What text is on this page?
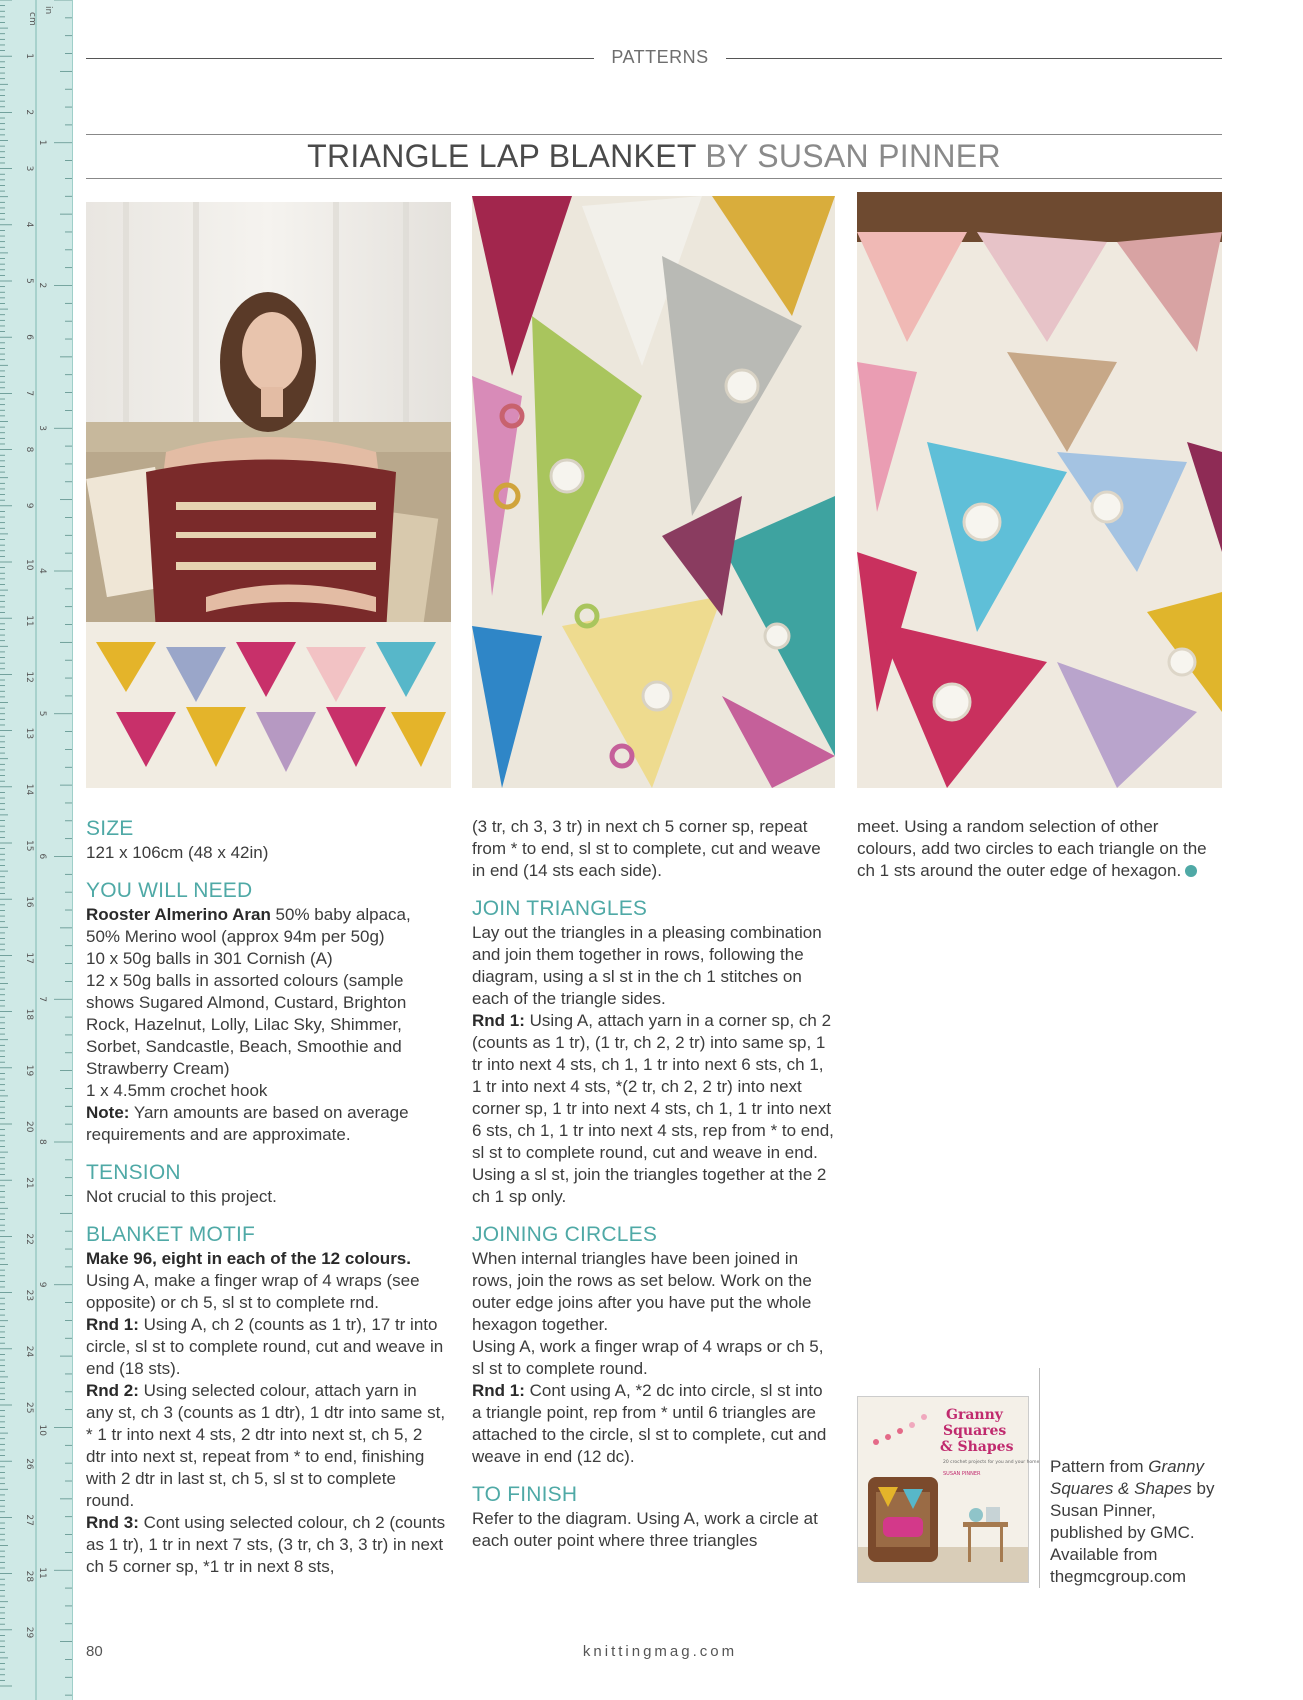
cm
in
1
2
3
4
5
6
7
8
9
10
11
12
13
14
15
16
17
18
19
20
21
22
23
24
25
26
27
28
29
1
2
3
4
5
6
7
8
9
10
11
PATTERNS
TRIANGLE LAP BLANKET BY SUSAN PINNER
SIZE

121 x 106cm (48 x 42in)

YOU WILL NEED

Rooster Almerino Aran 50% baby alpaca, 50% Merino wool (approx 94m per 50g)

10 x 50g balls in 301 Cornish (A)

12 x 50g balls in assorted colours (sample shows Sugared Almond, Custard, Brighton Rock, Hazelnut, Lolly, Lilac Sky, Shimmer, Sorbet, Sandcastle, Beach, Smoothie and Strawberry Cream)

1 x 4.5mm crochet hook

Note: Yarn amounts are based on average requirements and are approximate.

TENSION

Not crucial to this project.

BLANKET MOTIF

Make 96, eight in each of the 12 colours.

Using A, make a finger wrap of 4 wraps (see opposite) or ch 5, sl st to complete rnd.

Rnd 1: Using A, ch 2 (counts as 1 tr), 17 tr into circle, sl st to complete round, cut and weave in end (18 sts).

Rnd 2: Using selected colour, attach yarn in any st, ch 3 (counts as 1 dtr), 1 dtr into same st, * 1 tr into next 4 sts, 2 dtr into next st, ch 5, 2 dtr into next st, repeat from * to end, finishing with 2 dtr in last st, ch 5, sl st to complete round.

Rnd 3: Cont using selected colour, ch 2 (counts as 1 tr), 1 tr in next 7 sts, (3 tr, ch 3, 3 tr) in next ch 5 corner sp, *1 tr in next 8 sts,

(3 tr, ch 3, 3 tr) in next ch 5 corner sp, repeat from * to end, sl st to complete, cut and weave in end (14 sts each side).

JOIN TRIANGLES

Lay out the triangles in a pleasing combination and join them together in rows, following the diagram, using a sl st in the ch 1 stitches on each of the triangle sides.

Rnd 1: Using A, attach yarn in a corner sp, ch 2 (counts as 1 tr), (1 tr, ch 2, 2 tr) into same sp, 1 tr into next 4 sts, ch 1, 1 tr into next 6 sts, ch 1, 1 tr into next 4 sts, *(2 tr, ch 2, 2 tr) into next corner sp, 1 tr into next 4 sts, ch 1, 1 tr into next 6 sts, ch 1, 1 tr into next 4 sts, rep from * to end, sl st to complete round, cut and weave in end.

Using a sl st, join the triangles together at the 2 ch 1 sp only.

JOINING CIRCLES

When internal triangles have been joined in rows, join the rows as set below. Work on the outer edge joins after you have put the whole hexagon together.

Using A, work a finger wrap of 4 wraps or ch 5, sl st to complete round.

Rnd 1: Cont using A, *2 dc into circle, sl st into a triangle point, rep from * until 6 triangles are attached to the circle, sl st to complete, cut and weave in end (12 dc).

TO FINISH

Refer to the diagram. Using A, work a circle at each outer point where three triangles

meet. Using a random selection of other colours, add two circles to each triangle on the ch 1 sts around the outer edge of hexagon.

Granny
Squares
& Shapes
20 crochet projects for you and your home
SUSAN PINNER	Pattern from Granny Squares & Shapes by Susan Pinner, published by GMC. Available from thegmcgroup.com
80	knittingmag.com
